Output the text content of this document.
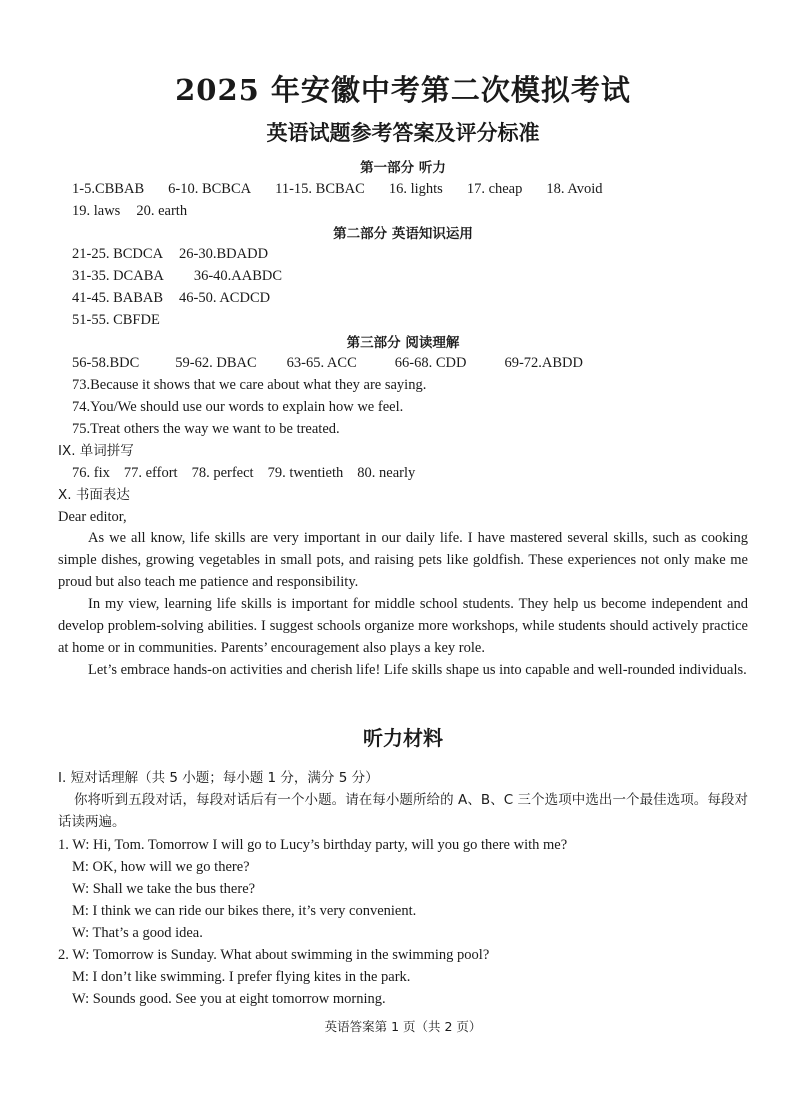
2025 年安徽中考第二次模拟考试
英语试题参考答案及评分标准
第一部分 听力
1-5.CBBAB 6-10. BCBCA 11-15. BCBAC 16. lights 17. cheap 18. Avoid
19. laws 20. earth
第二部分 英语知识运用
21-25. BCDCA 26-30.BDADD
31-35. DCABA 36-40.AABDC
41-45. BABAB 46-50. ACDCD
51-55. CBFDE
第三部分 阅读理解
56-58.BDC 59-62. DBAC 63-65. ACC	66-68. CDD	69-72.ABDD
73.Because it shows that we care about what they are saying.
74.You/We should use our words to explain how we feel.
75.Treat others the way we want to be treated.
IX. 单词拼写
76. fix 77. effort 78. perfect 79. twentieth 80. nearly
X. 书面表达
Dear editor,
As we all know, life skills are very important in our daily life. I have mastered several skills, such as cooking simple dishes, growing vegetables in small pots, and raising pets like goldfish. These experiences not only make me proud but also teach me patience and responsibility.
In my view, learning life skills is important for middle school students. They help us become independent and develop problem-solving abilities. I suggest schools organize more workshops, while students should actively practice at home or in communities. Parents’ encouragement also plays a key role.
Let’s embrace hands-on activities and cherish life! Life skills shape us into capable and well-rounded individuals.
听力材料
I. 短对话理解（共 5 小题；每小题 1 分，满分 5 分）
你将听到五段对话，每段对话后有一个小题。请在每小题所给的 A、B、C 三个选项中选出一个最佳选项。每段对话读两遍。
1. W: Hi, Tom. Tomorrow I will go to Lucy’s birthday party, will you go there with me?
M: OK, how will we go there?
W: Shall we take the bus there?
M: I think we can ride our bikes there, it’s very convenient.
W: That’s a good idea.
2. W: Tomorrow is Sunday. What about swimming in the swimming pool?
M: I don’t like swimming. I prefer flying kites in the park.
W: Sounds good. See you at eight tomorrow morning.
英语答案第 1 页（共 2 页）
